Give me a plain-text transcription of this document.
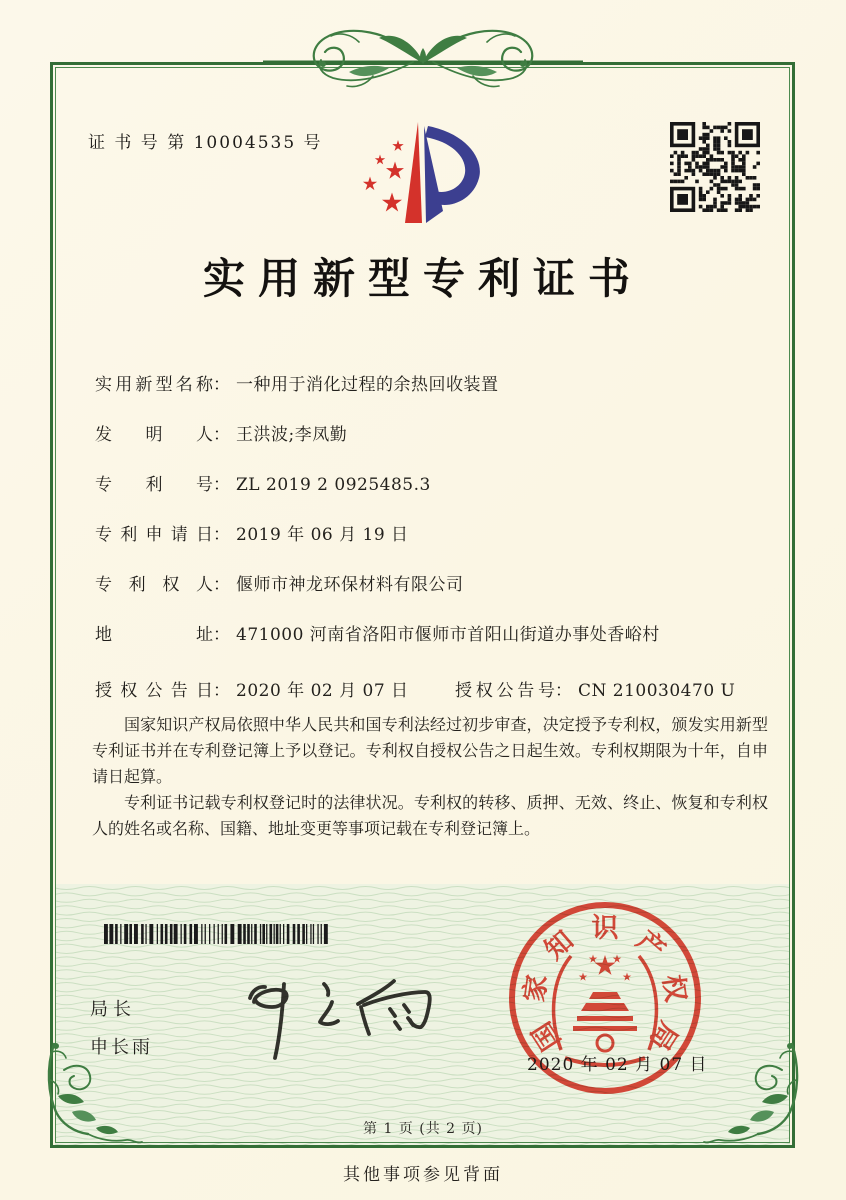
证 书 号 第 10004535 号
实用新型专利证书
实用新型名称： 一种用于消化过程的余热回收装置
发明人： 王洪波;李凤勤
专利号： ZL 2019 2 0925485.3
专利申请日： 2019 年 06 月 19 日
专利权人： 偃师市神龙环保材料有限公司
地址： 471000 河南省洛阳市偃师市首阳山街道办事处香峪村
授权公告日： 2020 年 02 月 07 日	授权公告号： CN 210030470 U

国家知识产权局依照中华人民共和国专利法经过初步审查，决定授予专利权，颁发实用新型专利证书并在专利登记簿上予以登记。专利权自授权公告之日起生效。专利权期限为十年，自申请日起算。

专利证书记载专利权登记时的法律状况。专利权的转移、质押、无效、终止、恢复和专利权人的姓名或名称、国籍、地址变更等事项记载在专利登记簿上。

局长
申长雨	国
家
知 识 产
权
局
2020 年 02 月 07 日
第 1 页 (共 2 页)
其他事项参见背面
